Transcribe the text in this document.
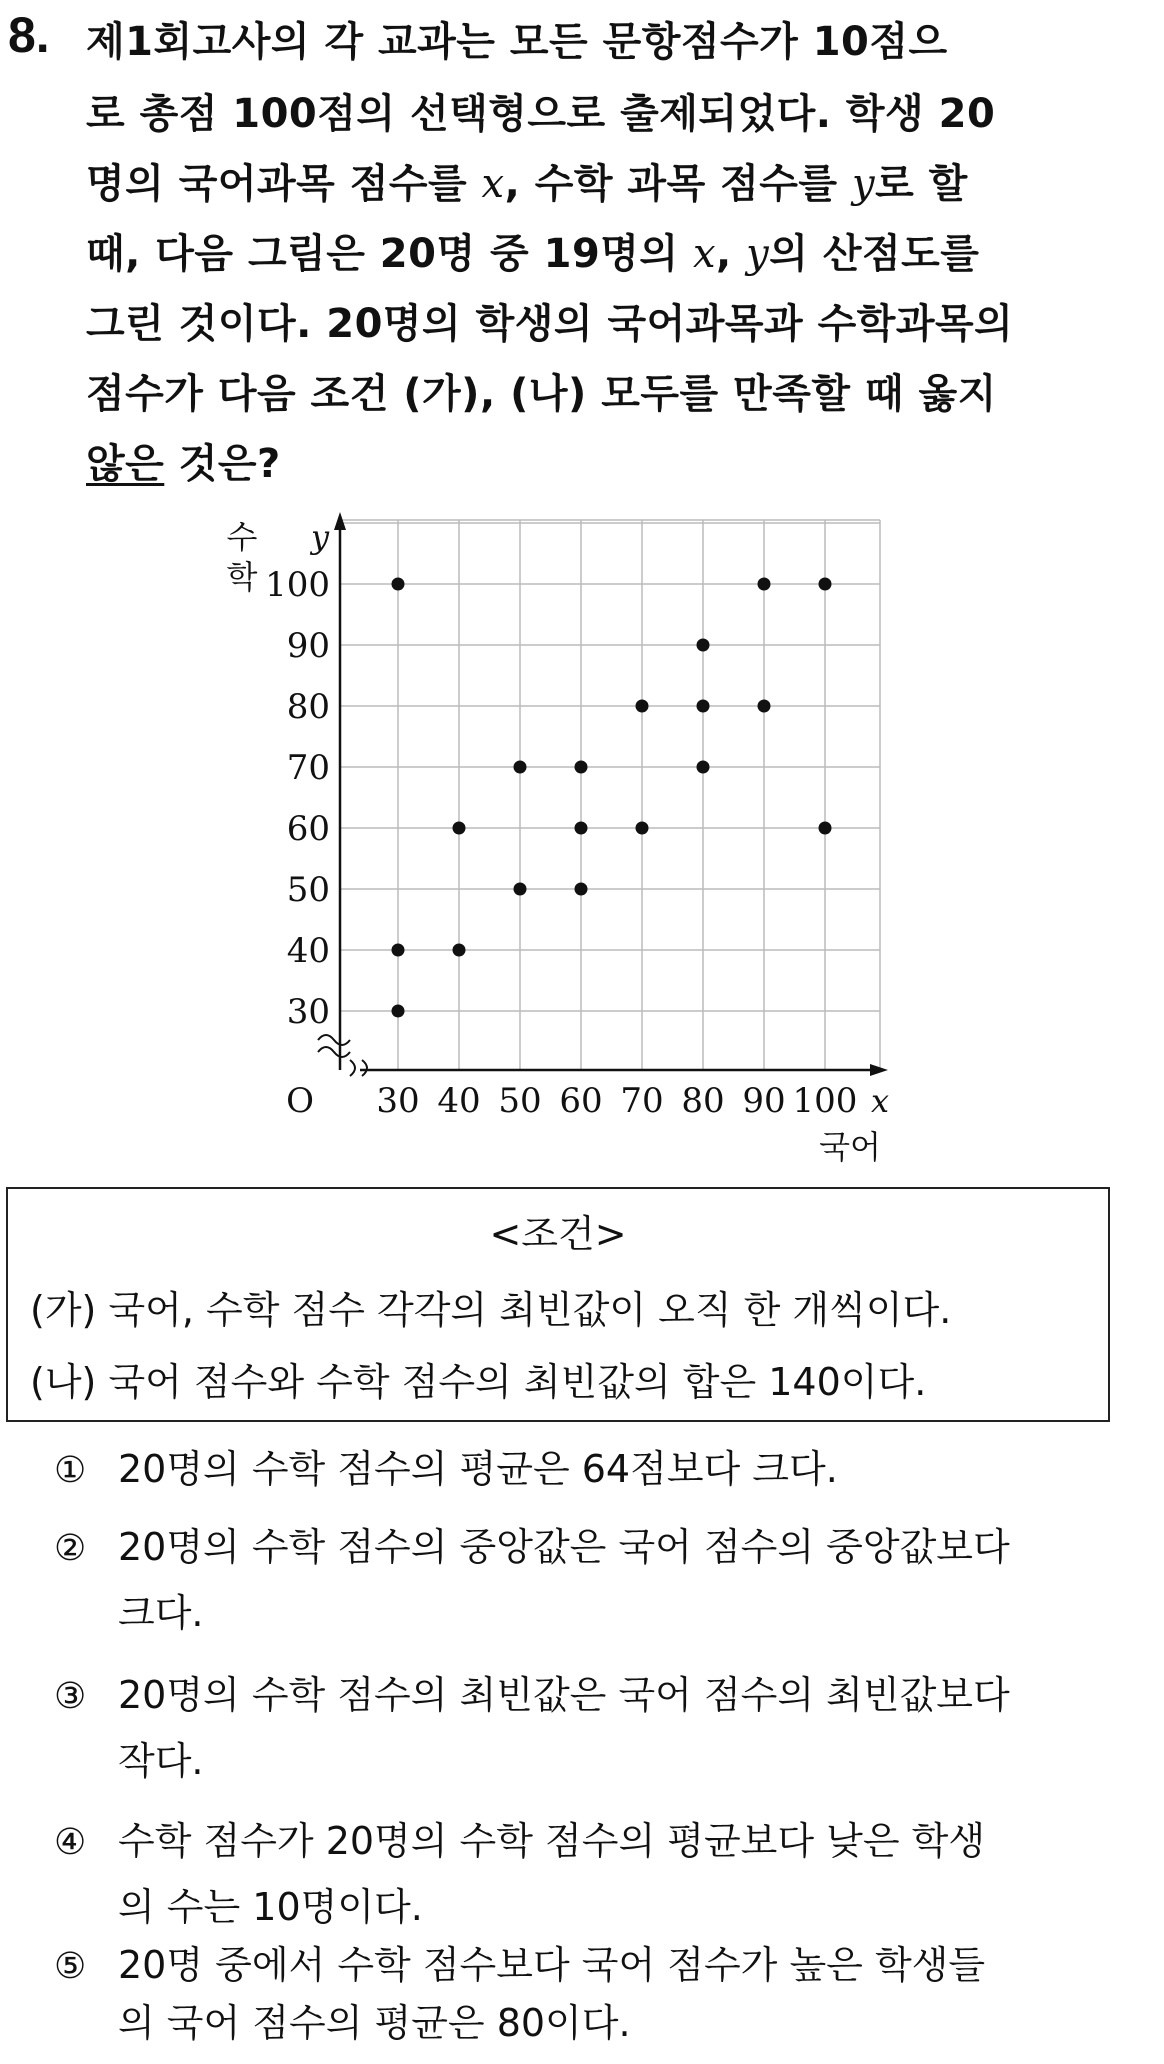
8. 제1회고사의 각 교과는 모든 문항점수가 10점으
로 총점 100점의 선택형으로 출제되었다. 학생 20
명의 국어과목 점수를 x, 수학 과목 점수를 y로 할
때, 다음 그림은 20명 중 19명의 x, y의 산점도를
그린 것이다. 20명의 학생의 국어과목과 수학과목의
점수가 다음 조건 (가), (나) 모두를 만족할 때 옳지
않은 것은?
30
40
50
60
70
80
90
100
30 40 50 60 70 80 90 100
O
y
x
수
학
국어
<조건>
(가) 국어, 수학 점수 각각의 최빈값이 오직 한 개씩이다.
(나) 국어 점수와 수학 점수의 최빈값의 합은 140이다.
① 20명의 수학 점수의 평균은 64점보다 크다.
② 20명의 수학 점수의 중앙값은 국어 점수의 중앙값보다
크다.
③ 20명의 수학 점수의 최빈값은 국어 점수의 최빈값보다
작다.
④ 수학 점수가 20명의 수학 점수의 평균보다 낮은 학생
의 수는 10명이다.
⑤ 20명 중에서 수학 점수보다 국어 점수가 높은 학생들
의 국어 점수의 평균은 80이다.
